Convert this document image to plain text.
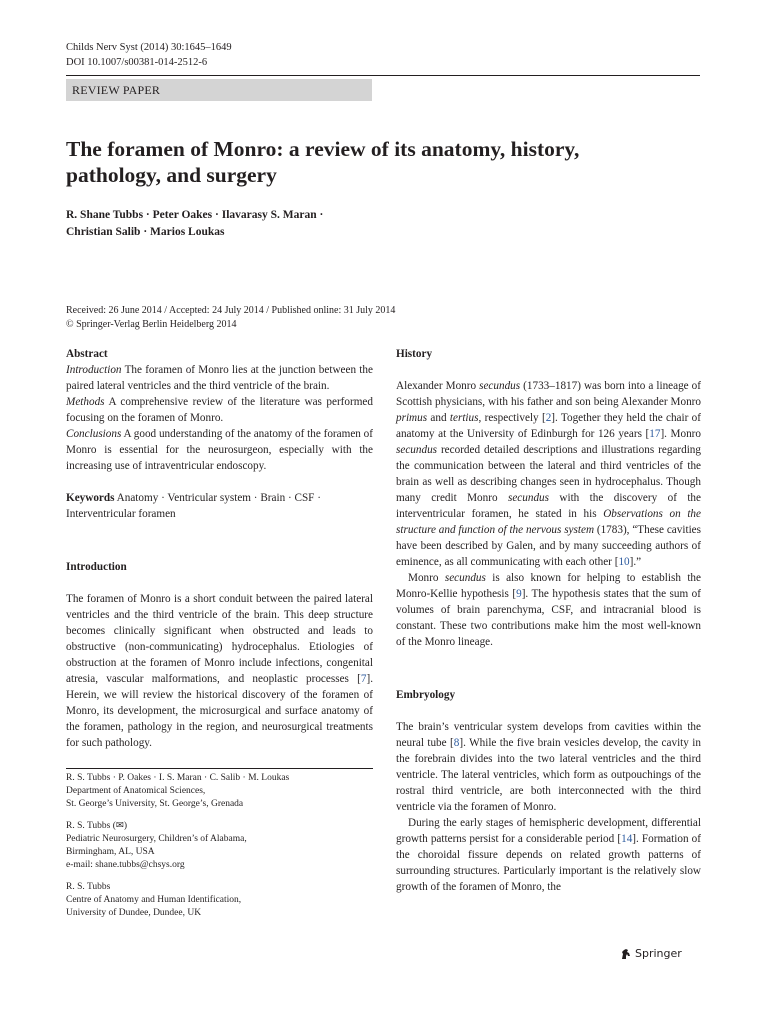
Childs Nerv Syst (2014) 30:1645–1649
DOI 10.1007/s00381-014-2512-6
REVIEW PAPER
The foramen of Monro: a review of its anatomy, history,
pathology, and surgery
R. Shane Tubbs · Peter Oakes · Ilavarasy S. Maran ·
Christian Salib · Marios Loukas
Received: 26 June 2014 / Accepted: 24 July 2014 / Published online: 31 July 2014
© Springer-Verlag Berlin Heidelberg 2014
Abstract

Introduction The foramen of Monro lies at the junction between the paired lateral ventricles and the third ventricle of the brain.

Methods A comprehensive review of the literature was performed focusing on the foramen of Monro.

Conclusions A good understanding of the anatomy of the foramen of Monro is essential for the neurosurgeon, especially with the increasing use of intraventricular endoscopy.

Keywords Anatomy · Ventricular system · Brain · CSF · Interventricular foramen

Introduction

The foramen of Monro is a short conduit between the paired lateral ventricles and the third ventricle of the brain. This deep structure becomes clinically significant when obstructed and leads to obstructive (non-communicating) hydrocephalus. Etiologies of obstruction at the foramen of Monro include infections, congenital atresia, vascular malformations, and neoplastic processes [7]. Herein, we will review the historical discovery of the foramen of Monro, its development, the microsurgical and surface anatomy of the foramen, pathology in the region, and neurosurgical treatments for such pathology.

R. S. Tubbs · P. Oakes · I. S. Maran · C. Salib · M. Loukas

Department of Anatomical Sciences,

St. George’s University, St. George’s, Grenada

R. S. Tubbs (✉)

Pediatric Neurosurgery, Children’s of Alabama,

Birmingham, AL, USA

e-mail: shane.tubbs@chsys.org

R. S. Tubbs

Centre of Anatomy and Human Identification,

University of Dundee, Dundee, UK

History

Alexander Monro secundus (1733–1817) was born into a lineage of Scottish physicians, with his father and son being Alexander Monro primus and tertius, respectively [2]. Together they held the chair of anatomy at the University of Edinburgh for 126 years [17]. Monro secundus recorded detailed descriptions and illustrations regarding the communication between the lateral and third ventricles of the brain as well as describing changes seen in hydrocephalus. Though many credit Monro secundus with the discovery of the interventricular foramen, he stated in his Observations on the structure and function of the nervous system (1783), “These cavities have been described by Galen, and by many succeeding authors of eminence, as all communicating with each other [10].”

Monro secundus is also known for helping to establish the Monro-Kellie hypothesis [9]. The hypothesis states that the sum of volumes of brain parenchyma, CSF, and intracranial blood is constant. These two contributions make him the most well-known of the Monro lineage.

Embryology

The brain’s ventricular system develops from cavities within the neural tube [8]. While the five brain vesicles develop, the cavity in the forebrain divides into the two lateral ventricles and the third ventricle. The lateral ventricles, which form as outpouchings of the rostral third ventricle, are both interconnected with the third ventricle via the foramen of Monro.

During the early stages of hemispheric development, differential growth patterns persist for a considerable period [14]. Formation of the choroidal fissure depends on related growth patterns of surrounding structures. Particularly important is the relatively slow growth of the foramen of Monro, the

Springer
